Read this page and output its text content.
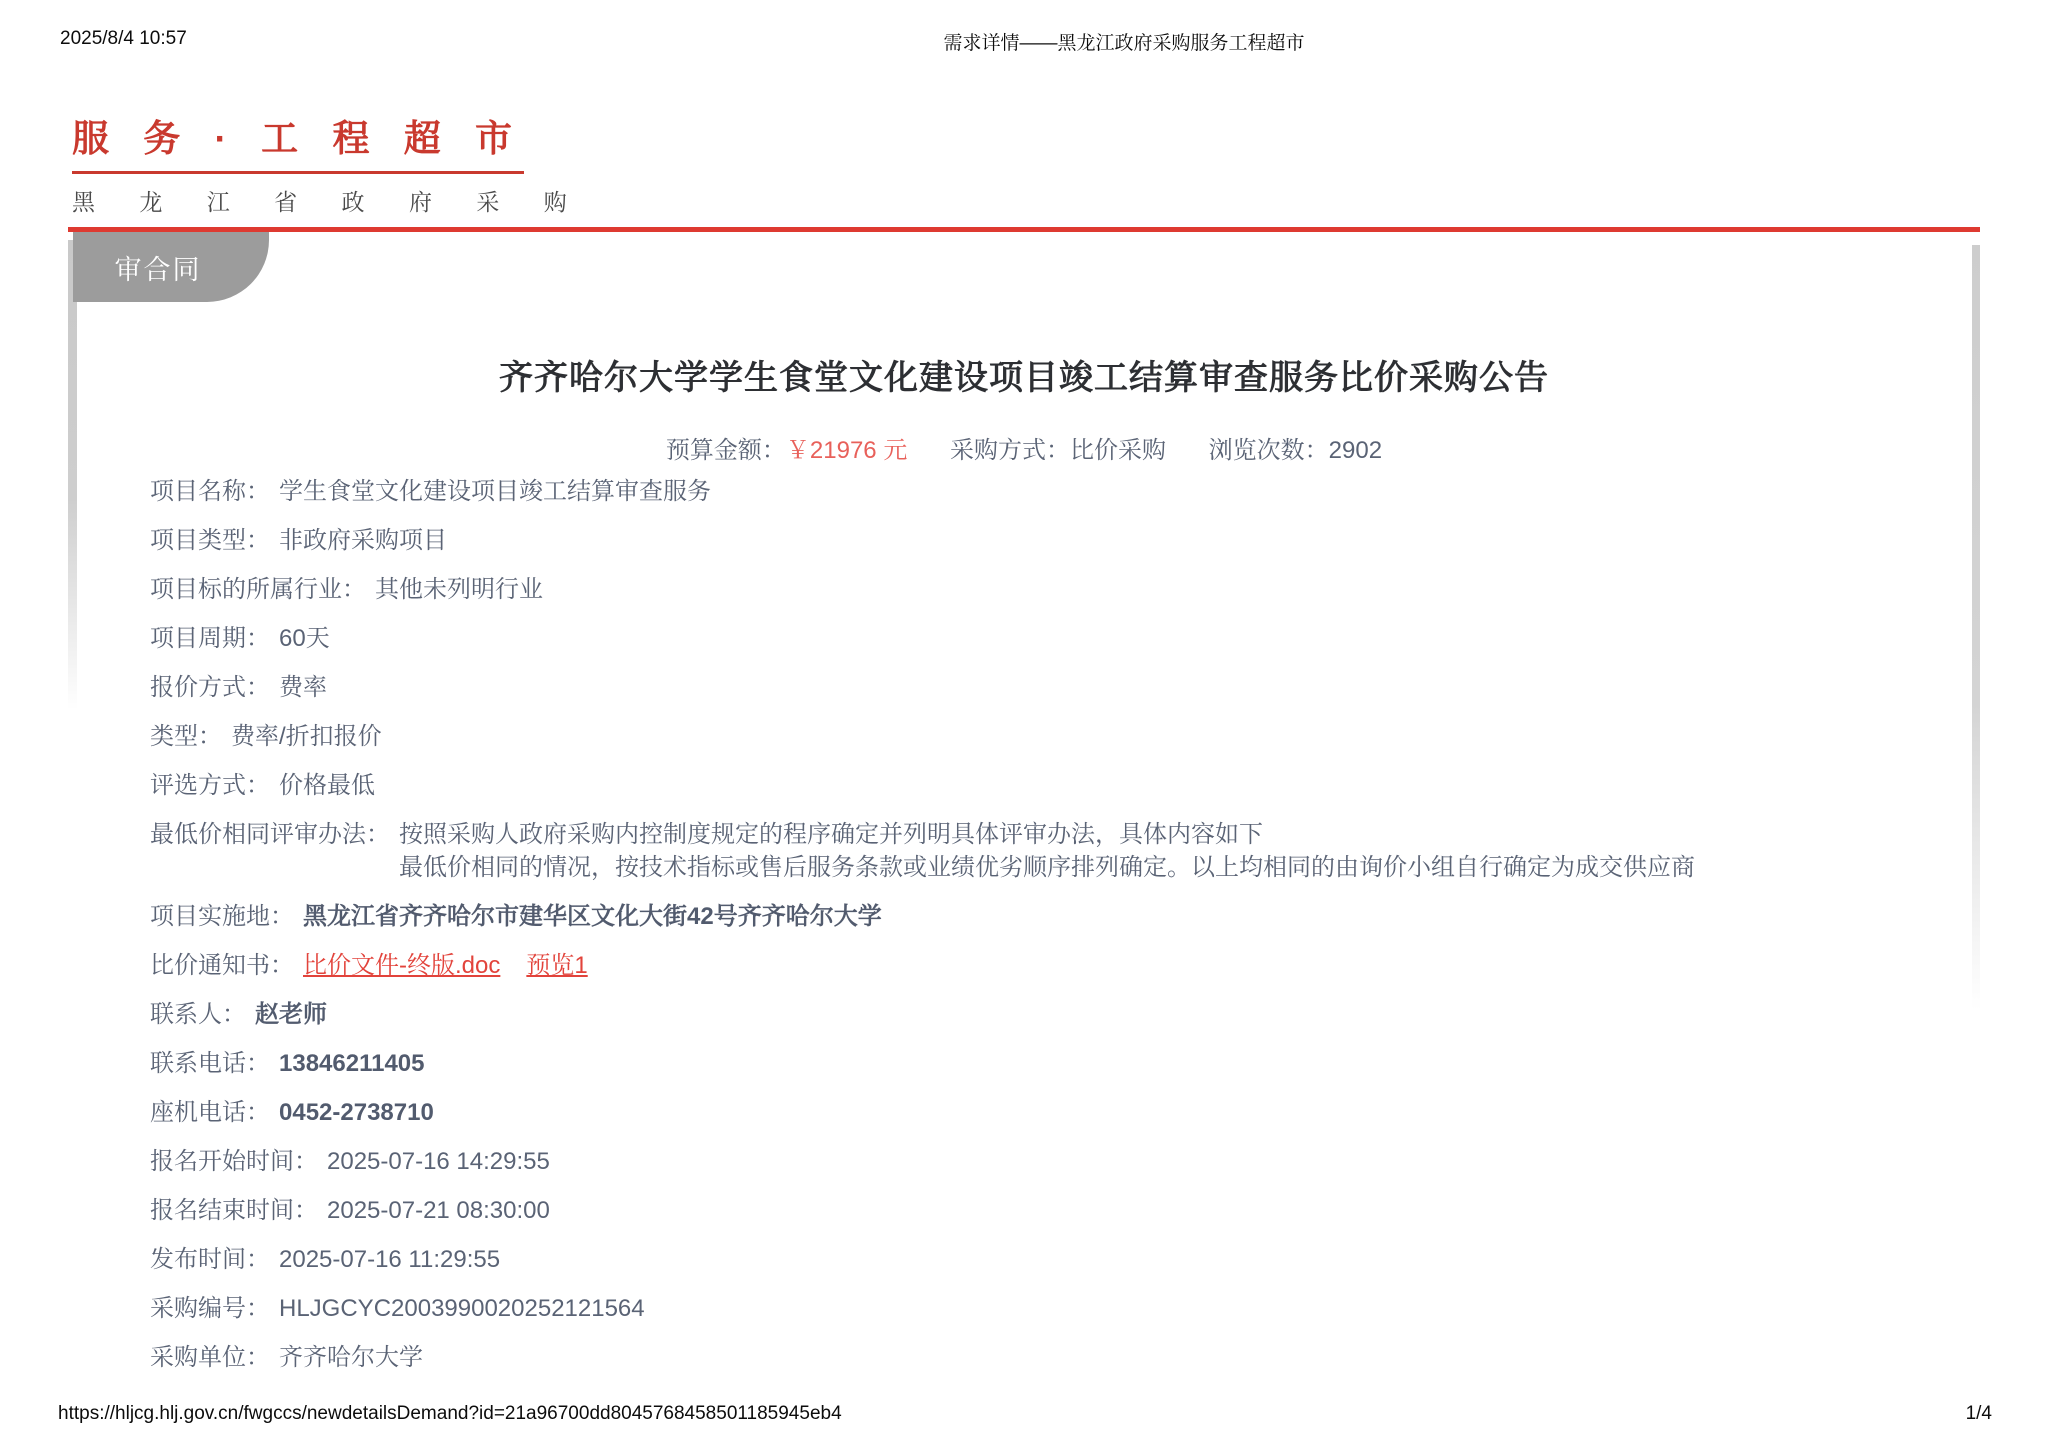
2025/8/4 10:57	需求详情——黑龙江政府采购服务工程超市
服 务 · 工 程 超 市
黑 龙 江 省 政 府 采 购
审合同
齐齐哈尔大学学生食堂文化建设项目竣工结算审查服务比价采购公告
预算金额：￥21976 元 采购方式：比价采购 浏览次数：2902
项目名称： 学生食堂文化建设项目竣工结算审查服务
项目类型： 非政府采购项目
项目标的所属行业： 其他未列明行业
项目周期： 60天
报价方式： 费率
类型： 费率/折扣报价
评选方式： 价格最低
最低价相同评审办法： 按照采购人政府采购内控制度规定的程序确定并列明具体评审办法，具体内容如下
最低价相同的情况，按技术指标或售后服务条款或业绩优劣顺序排列确定。以上均相同的由询价小组自行确定为成交供应商
项目实施地： 黑龙江省齐齐哈尔市建华区文化大街42号齐齐哈尔大学
比价通知书： 比价文件-终版.doc 预览1
联系人： 赵老师
联系电话： 13846211405
座机电话： 0452-2738710
报名开始时间： 2025-07-16 14:29:55
报名结束时间： 2025-07-21 08:30:00
发布时间： 2025-07-16 11:29:55
采购编号： HLJGCYC2003990020252121564
采购单位： 齐齐哈尔大学
https://hljcg.hlj.gov.cn/fwgccs/newdetailsDemand?id=21a96700dd8045768458501185945eb4	1/4
